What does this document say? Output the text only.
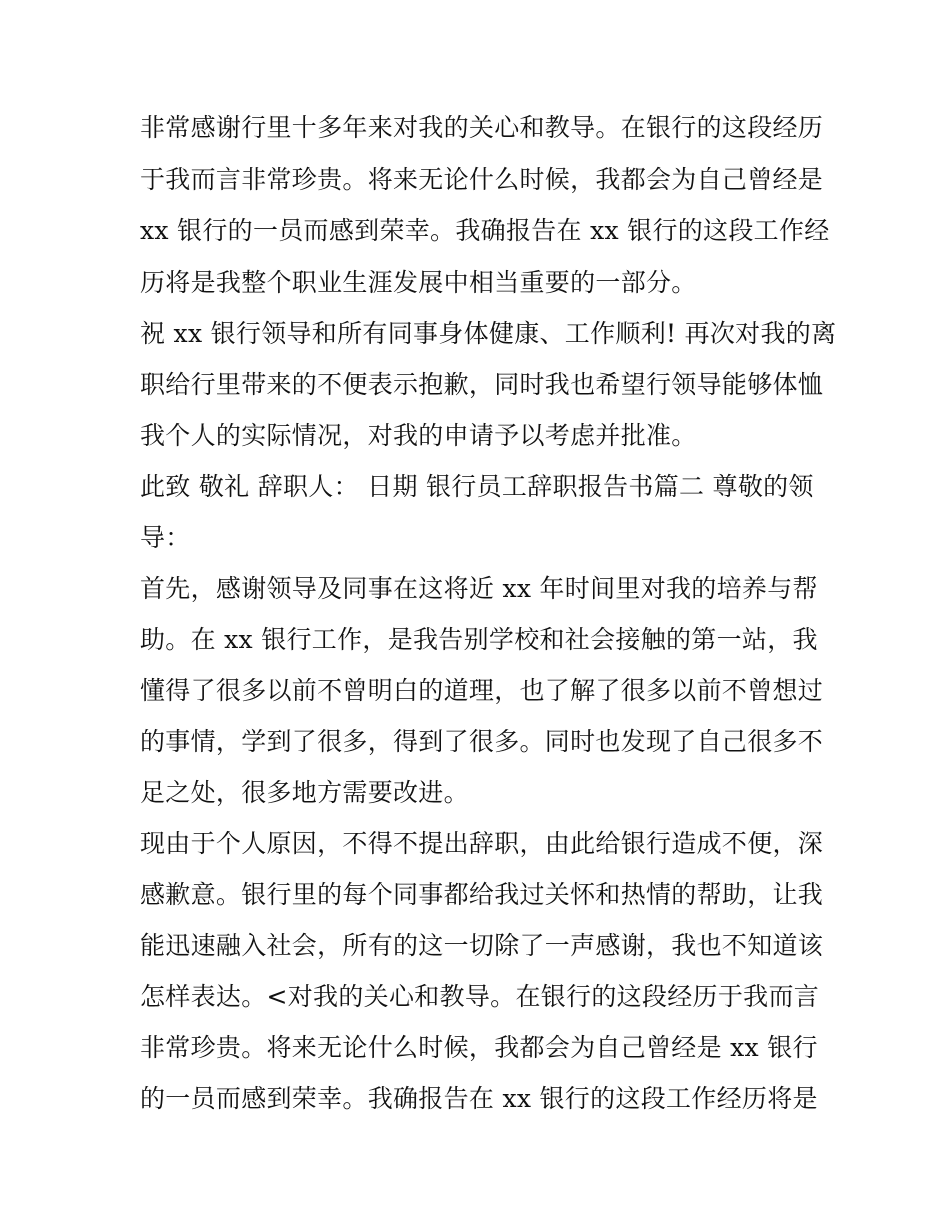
非常感谢行里十多年来对我的关心和教导。在银行的这段经历
于我而言非常珍贵。将来无论什么时候，我都会为自己曾经是
xx 银行的一员而感到荣幸。我确报告在 xx 银行的这段工作经
历将是我整个职业生涯发展中相当重要的一部分。
祝 xx 银行领导和所有同事身体健康、工作顺利! 再次对我的离
职给行里带来的不便表示抱歉，同时我也希望行领导能够体恤
我个人的实际情况，对我的申请予以考虑并批准。
此致 敬礼 辞职人： 日期 银行员工辞职报告书篇二 尊敬的领
导：
首先，感谢领导及同事在这将近 xx 年时间里对我的培养与帮
助。在 xx 银行工作，是我告别学校和社会接触的第一站，我
懂得了很多以前不曾明白的道理，也了解了很多以前不曾想过
的事情，学到了很多，得到了很多。同时也发现了自己很多不
足之处，很多地方需要改进。
现由于个人原因，不得不提出辞职，由此给银行造成不便，深
感歉意。银行里的每个同事都给我过关怀和热情的帮助，让我
能迅速融入社会，所有的这一切除了一声感谢，我也不知道该
怎样表达。<对我的关心和教导。在银行的这段经历于我而言
非常珍贵。将来无论什么时候，我都会为自己曾经是 xx 银行
的一员而感到荣幸。我确报告在 xx 银行的这段工作经历将是
